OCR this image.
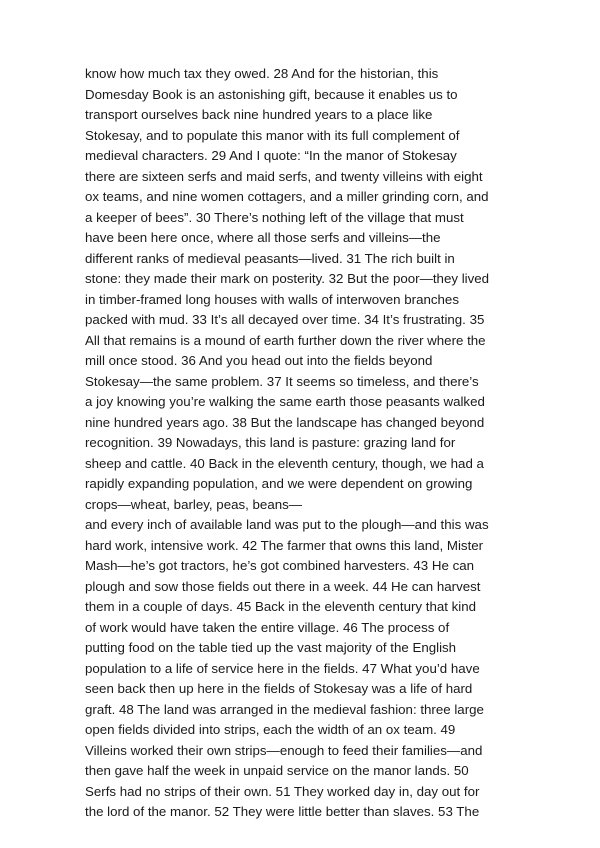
know how much tax they owed. 28 And for the historian, this
Domesday Book is an astonishing gift, because it enables us to
transport ourselves back nine hundred years to a place like
Stokesay, and to populate this manor with its full complement of
medieval characters. 29 And I quote: “In the manor of Stokesay
there are sixteen serfs and maid serfs, and twenty villeins with eight
ox teams, and nine women cottagers, and a miller grinding corn, and
a keeper of bees”. 30 There’s nothing left of the village that must
have been here once, where all those serfs and villeins—the
different ranks of medieval peasants—lived. 31 The rich built in
stone: they made their mark on posterity. 32 But the poor—they lived
in timber-framed long houses with walls of interwoven branches
packed with mud. 33 It’s all decayed over time. 34 It’s frustrating. 35
All that remains is a mound of earth further down the river where the
mill once stood. 36 And you head out into the fields beyond
Stokesay—the same problem. 37 It seems so timeless, and there’s
a joy knowing you’re walking the same earth those peasants walked
nine hundred years ago. 38 But the landscape has changed beyond
recognition. 39 Nowadays, this land is pasture: grazing land for
sheep and cattle. 40 Back in the eleventh century, though, we had a
rapidly expanding population, and we were dependent on growing
crops—wheat, barley, peas, beans—
and every inch of available land was put to the plough—and this was
hard work, intensive work. 42 The farmer that owns this land, Mister
Mash—he’s got tractors, he’s got combined harvesters. 43 He can
plough and sow those fields out there in a week. 44 He can harvest
them in a couple of days. 45 Back in the eleventh century that kind
of work would have taken the entire village. 46 The process of
putting food on the table tied up the vast majority of the English
population to a life of service here in the fields. 47 What you’d have
seen back then up here in the fields of Stokesay was a life of hard
graft. 48 The land was arranged in the medieval fashion: three large
open fields divided into strips, each the width of an ox team. 49
Villeins worked their own strips—enough to feed their families—and
then gave half the week in unpaid service on the manor lands. 50
Serfs had no strips of their own. 51 They worked day in, day out for
the lord of the manor. 52 They were little better than slaves. 53 The
